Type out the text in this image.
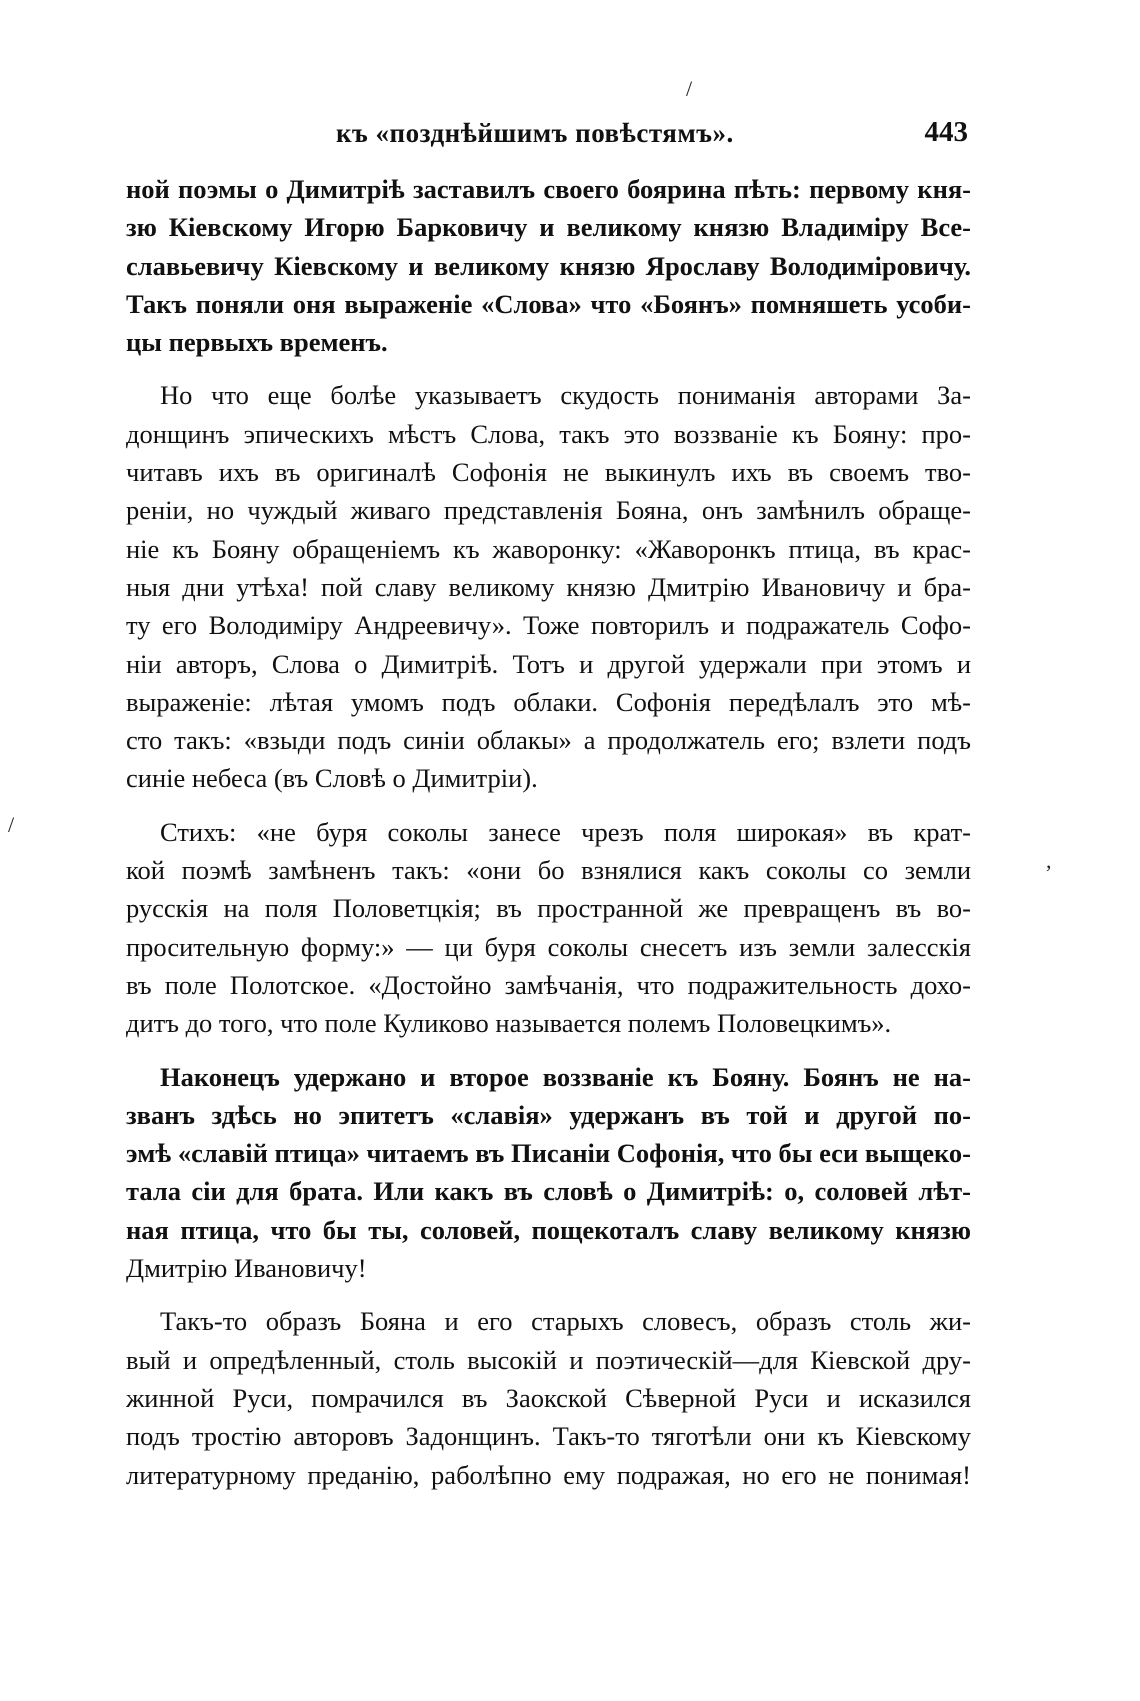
къ «позднѣйшимъ повѣстямъ».	443
ной поэмы о Димитріѣ заставилъ своего боярина пѣть: первому кня-
зю Кіевскому Игорю Барковичу и великому князю Владиміру Все-
славьевичу Кіевскому и великому князю Ярославу Володиміровичу.
Такъ поняли оня выраженіе «Слова» что «Боянъ» помняшеть усоби-
цы первыхъ временъ.
Но что еще болѣе указываетъ скудость пониманія авторами За-
донщинъ эпическихъ мѣстъ Слова, такъ это воззваніе къ Бояну: про-
читавъ ихъ въ оригиналѣ Софонія не выкинулъ ихъ въ своемъ тво-
реніи, но чуждый живаго представленія Бояна, онъ замѣнилъ обраще-
ніе къ Бояну обращеніемъ къ жаворонку: «Жаворонкъ птица, въ крас-
ныя дни утѣха! пой славу великому князю Дмитрію Ивановичу и бра-
ту его Володиміру Андреевичу». Тоже повторилъ и подражатель Софо-
ніи авторъ, Слова о Димитріѣ. Тотъ и другой удержали при этомъ и
выраженіе: лѣтая умомъ подъ облаки. Софонія передѣлалъ это мѣ-
сто такъ: «взыди подъ синіи облакы» а продолжатель его; взлети подъ
синіе небеса (въ Словѣ о Димитріи).
Стихъ: «не буря соколы занесе чрезъ поля широкая» въ крат-
кой поэмѣ замѣненъ такъ: «они бо взнялися какъ соколы со земли
русскія на поля Половетцкія; въ пространной же превращенъ въ во-
просительную форму:» — ци буря соколы снесетъ изъ земли залесскія
въ поле Полотское. «Достойно замѣчанія, что подражительность дохо-
дитъ до того, что поле Куликово называется полемъ Половецкимъ».
Наконецъ удержано и второе воззваніе къ Бояну. Боянъ не на-
званъ здѣсь но эпитетъ «славія» удержанъ въ той и другой по-
эмѣ «славій птица» читаемъ въ Писаніи Софонія, что бы еси выщеко-
тала сіи для брата. Или какъ въ словѣ о Димитріѣ: о, соловей лѣт-
ная птица, что бы ты, соловей, пощекоталъ славу великому князю
Дмитрію Ивановичу!
Такъ-то образъ Бояна и его старыхъ словесъ, образъ столь жи-
вый и опредѣленный, столь высокій и поэтическій—для Кіевской дру-
жинной Руси, помрачился въ Заокской Сѣверной Руси и исказился
подъ тростію авторовъ Задонщинъ. Такъ-то тяготѣли они къ Кіевскому
литературному преданію, раболѣпно ему подражая, но его не понимая!
/
,
/
